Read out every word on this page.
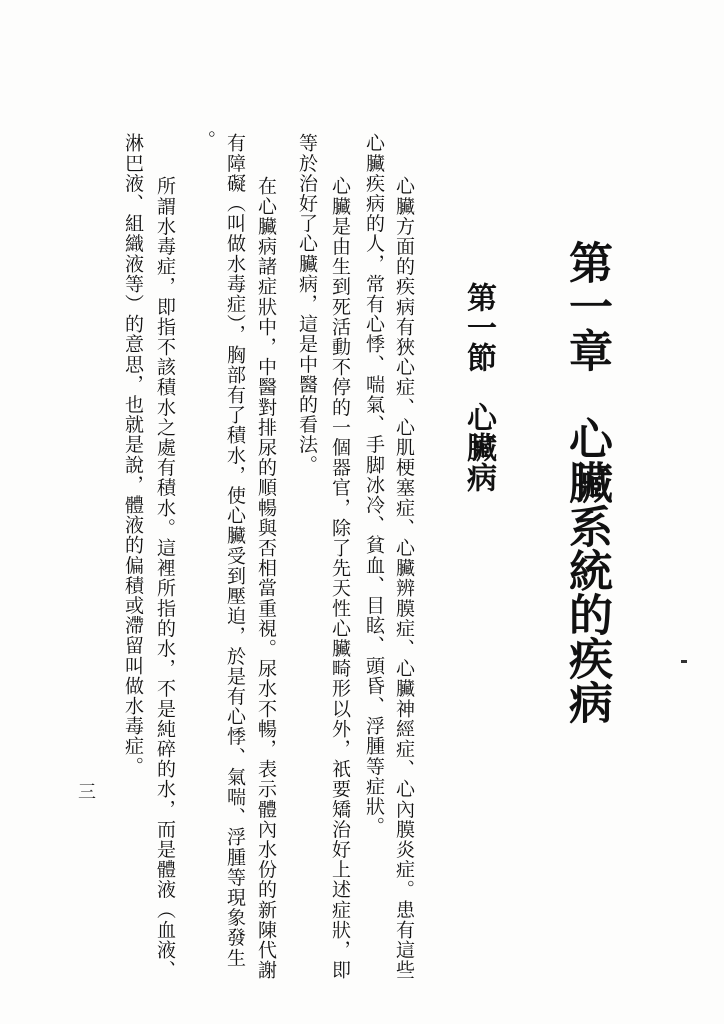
第一章　心臟系統的疾病
第一節　心臟病
心臟方面的疾病有狹心症、心肌梗塞症、心臟辨膜症、心臟神經症、心內膜炎症。患有這些
心臟疾病的人，常有心悸、喘氣、手脚冰冷、貧血、目眩、頭昏、浮腫等症狀。
心臟是由生到死活動不停的一個器官，除了先天性心臟畸形以外，祇要矯治好上述症狀，即
等於治好了心臟病，這是中醫的看法。
在心臟病諸症狀中，中醫對排尿的順暢與否相當重視。尿水不暢，表示體內水份的新陳代謝
有障礙（叫做水毒症），胸部有了積水，使心臟受到壓迫，於是有心悸、氣喘、浮腫等現象發生
。
所謂水毒症，即指不該積水之處有積水。這裡所指的水，不是純碎的水，而是體液（血液、
淋巴液、組織液等）的意思，也就是說，體液的偏積或滯留叫做水毒症。
三
